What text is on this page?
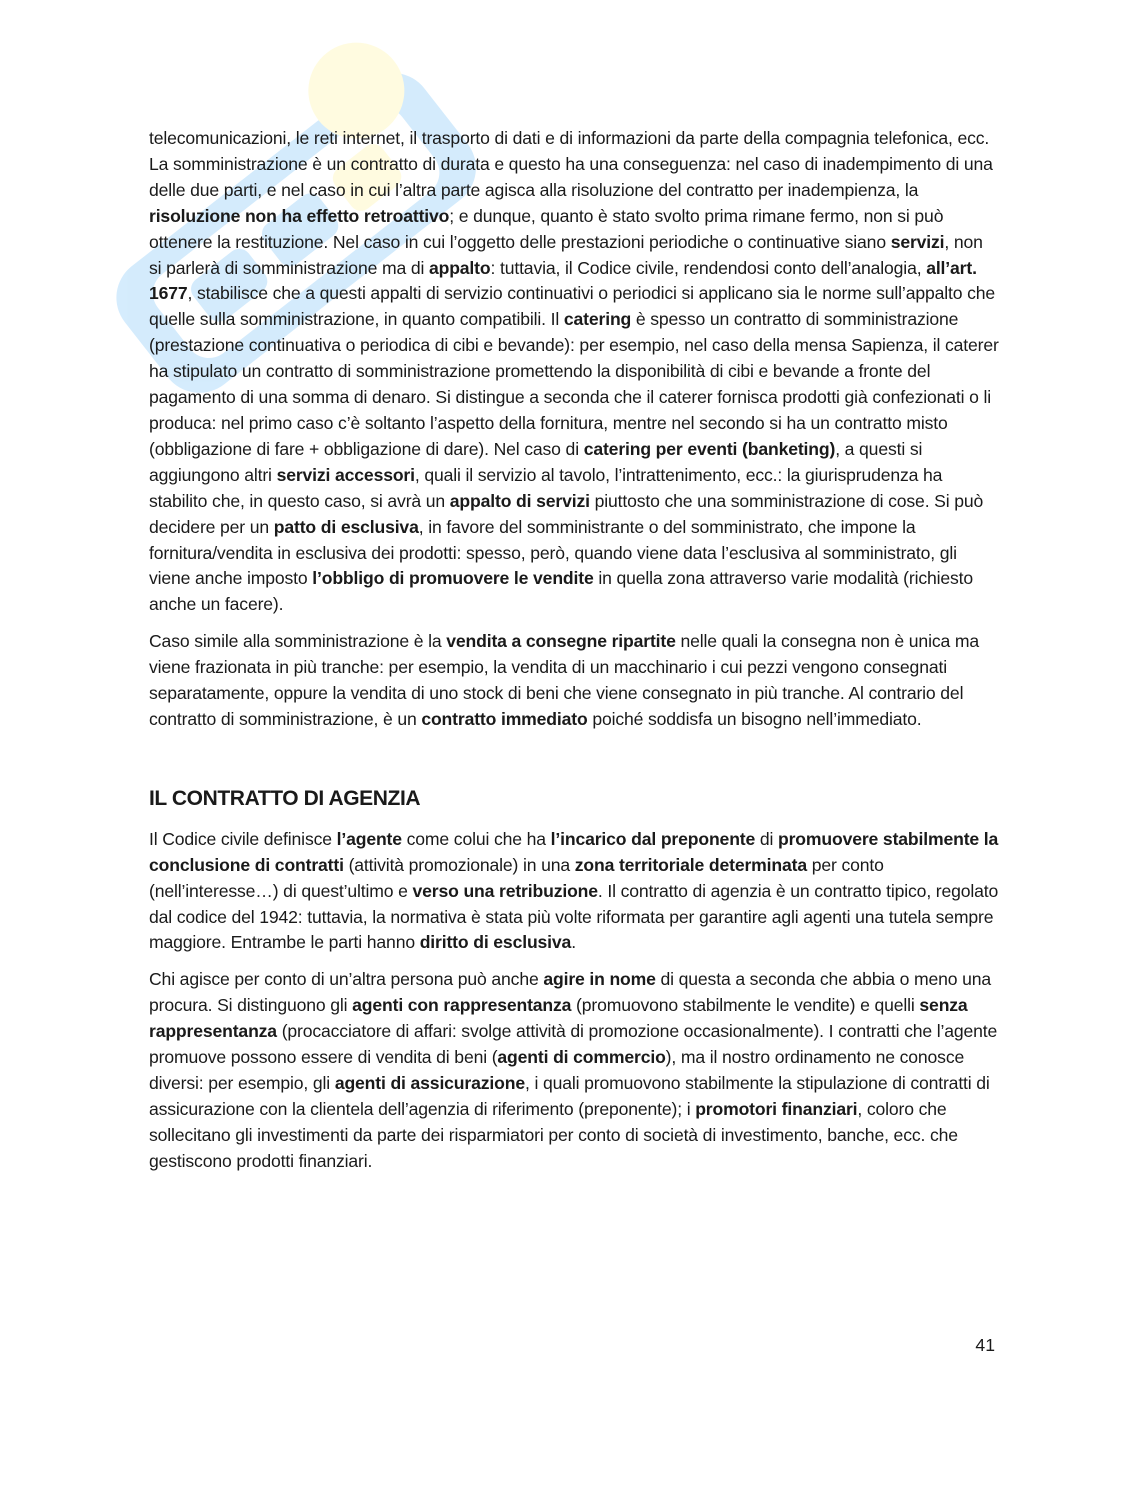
telecomunicazioni, le reti internet, il trasporto di dati e di informazioni da parte della compagnia telefonica, ecc. La somministrazione è un contratto di durata e questo ha una conseguenza: nel caso di inadempimento di una delle due parti, e nel caso in cui l’altra parte agisca alla risoluzione del contratto per inadempienza, la risoluzione non ha effetto retroattivo; e dunque, quanto è stato svolto prima rimane fermo, non si può ottenere la restituzione. Nel caso in cui l’oggetto delle prestazioni periodiche o continuative siano servizi, non si parlerà di somministrazione ma di appalto: tuttavia, il Codice civile, rendendosi conto dell’analogia, all’art. 1677, stabilisce che a questi appalti di servizio continuativi o periodici si applicano sia le norme sull’appalto che quelle sulla somministrazione, in quanto compatibili. Il catering è spesso un contratto di somministrazione (prestazione continuativa o periodica di cibi e bevande): per esempio, nel caso della mensa Sapienza, il caterer ha stipulato un contratto di somministrazione promettendo la disponibilità di cibi e bevande a fronte del pagamento di una somma di denaro. Si distingue a seconda che il caterer fornisca prodotti già confezionati o li produca: nel primo caso c’è soltanto l’aspetto della fornitura, mentre nel secondo si ha un contratto misto (obbligazione di fare + obbligazione di dare). Nel caso di catering per eventi (banketing), a questi si aggiungono altri servizi accessori, quali il servizio al tavolo, l’intrattenimento, ecc.: la giurisprudenza ha stabilito che, in questo caso, si avrà un appalto di servizi piuttosto che una somministrazione di cose. Si può decidere per un patto di esclusiva, in favore del somministrante o del somministrato, che impone la fornitura/vendita in esclusiva dei prodotti: spesso, però, quando viene data l’esclusiva al somministrato, gli viene anche imposto l’obbligo di promuovere le vendite in quella zona attraverso varie modalità (richiesto anche un facere).

Caso simile alla somministrazione è la vendita a consegne ripartite nelle quali la consegna non è unica ma viene frazionata in più tranche: per esempio, la vendita di un macchinario i cui pezzi vengono consegnati separatamente, oppure la vendita di uno stock di beni che viene consegnato in più tranche. Al contrario del contratto di somministrazione, è un contratto immediato poiché soddisfa un bisogno nell’immediato.

IL CONTRATTO DI AGENZIA

Il Codice civile definisce l’agente come colui che ha l’incarico dal preponente di promuovere stabilmente la conclusione di contratti (attività promozionale) in una zona territoriale determinata per conto (nell’interesse…) di quest’ultimo e verso una retribuzione. Il contratto di agenzia è un contratto tipico, regolato dal codice del 1942: tuttavia, la normativa è stata più volte riformata per garantire agli agenti una tutela sempre maggiore. Entrambe le parti hanno diritto di esclusiva.

Chi agisce per conto di un’altra persona può anche agire in nome di questa a seconda che abbia o meno una procura. Si distinguono gli agenti con rappresentanza (promuovono stabilmente le vendite) e quelli senza rappresentanza (procacciatore di affari: svolge attività di promozione occasionalmente). I contratti che l’agente promuove possono essere di vendita di beni (agenti di commercio), ma il nostro ordinamento ne conosce diversi: per esempio, gli agenti di assicurazione, i quali promuovono stabilmente la stipulazione di contratti di assicurazione con la clientela dell’agenzia di riferimento (preponente); i promotori finanziari, coloro che sollecitano gli investimenti da parte dei risparmiatori per conto di società di investimento, banche, ecc. che gestiscono prodotti finanziari.

41
